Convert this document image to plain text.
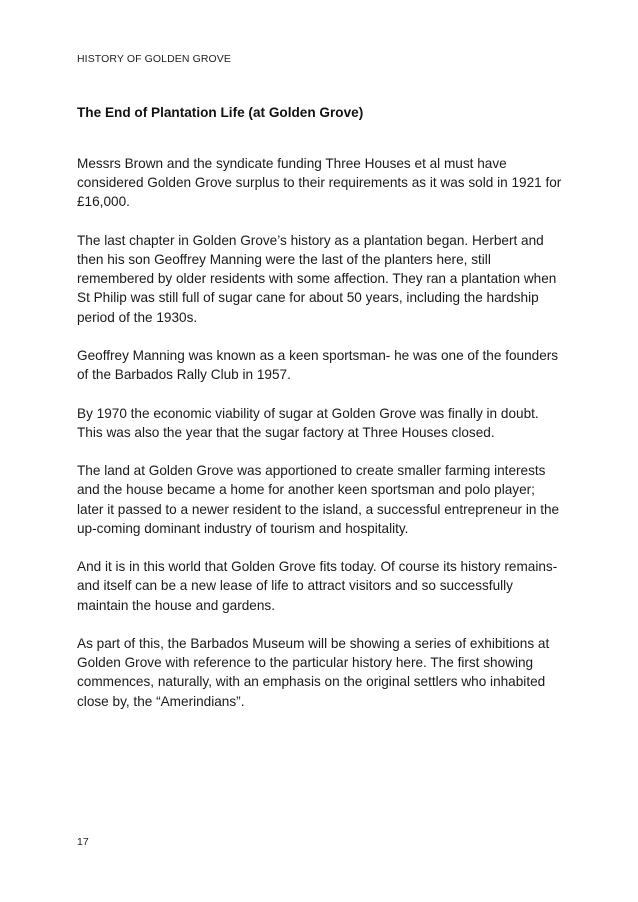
HISTORY OF GOLDEN GROVE
The End of Plantation Life (at Golden Grove)

Messrs Brown and the syndicate funding Three Houses et al must have considered Golden Grove surplus to their requirements as it was sold in 1921 for £16,000.

The last chapter in Golden Grove’s history as a plantation began. Herbert and then his son Geoffrey Manning were the last of the planters here, still remembered by older residents with some affection. They ran a plantation when St Philip was still full of sugar cane for about 50 years, including the hardship period of the 1930s.

Geoffrey Manning was known as a keen sportsman- he was one of the founders of the Barbados Rally Club in 1957.

By 1970 the economic viability of sugar at Golden Grove was finally in doubt. This was also the year that the sugar factory at Three Houses closed.

The land at Golden Grove was apportioned to create smaller farming interests and the house became a home for another keen sportsman and polo player; later it passed to a newer resident to the island, a successful entrepreneur in the up-coming dominant industry of tourism and hospitality.

And it is in this world that Golden Grove fits today. Of course its history remains- and itself can be a new lease of life to attract visitors and so successfully maintain the house and gardens.

As part of this, the Barbados Museum will be showing a series of exhibitions at Golden Grove with reference to the particular history here. The first showing commences, naturally, with an emphasis on the original settlers who inhabited close by, the “Amerindians”.

17
